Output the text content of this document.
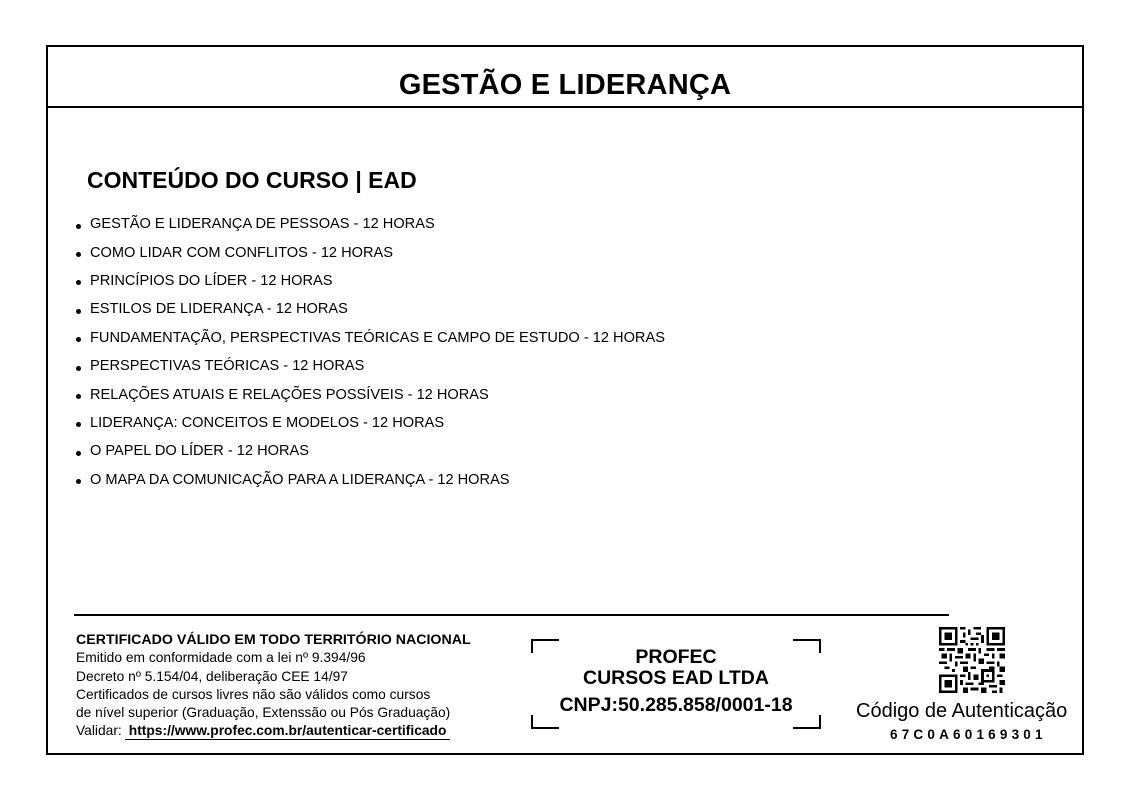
GESTÃO E LIDERANÇA
CONTEÚDO DO CURSO | EAD
GESTÃO E LIDERANÇA DE PESSOAS - 12 HORAS
COMO LIDAR COM CONFLITOS - 12 HORAS
PRINCÍPIOS DO LÍDER - 12 HORAS
ESTILOS DE LIDERANÇA - 12 HORAS
FUNDAMENTAÇÃO, PERSPECTIVAS TEÓRICAS E CAMPO DE ESTUDO - 12 HORAS
PERSPECTIVAS TEÓRICAS - 12 HORAS
RELAÇÕES ATUAIS E RELAÇÕES POSSÍVEIS - 12 HORAS
LIDERANÇA: CONCEITOS E MODELOS - 12 HORAS
O PAPEL DO LÍDER - 12 HORAS
O MAPA DA COMUNICAÇÃO PARA A LIDERANÇA - 12 HORAS
CERTIFICADO VÁLIDO EM TODO TERRITÓRIO NACIONAL
Emitido em conformidade com a lei nº 9.394/96
Decreto nº 5.154/04, deliberação CEE 14/97
Certificados de cursos livres não são válidos como cursos
de nível superior (Graduação, Extenssão ou Pós Graduação)
Validar: https://www.profec.com.br/autenticar-certificado
PROFEC
CURSOS EAD LTDA
CNPJ:50.285.858/0001-18	Código de Autenticação
67C0A60169301
